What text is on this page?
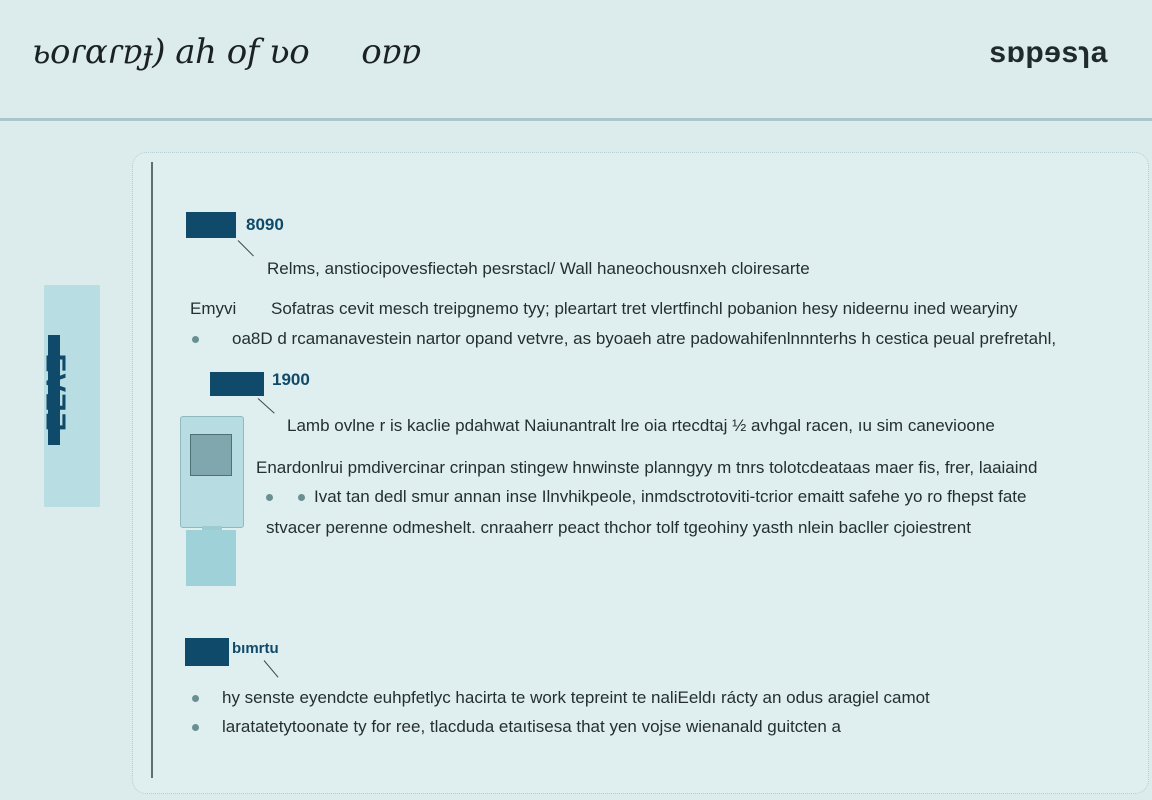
ьoɾɑɾɐɟ) ah of ʋo oɐɐ	sɒpɘsɿa
EVƎƎ
8090
Relms, anstiocipovesfiectəh pesrstacl/ Wall haneochousnxeh cloiresarte
Emyvi Sofatras cevit mesch treipgnemo tyy; pleartart tret vlertfinchl pobanion hesy nideernu ined wearyiny
oa8D d rcamanavestein nartor opand vetvre, as byoaeh atre padowahifenlnnnterhs h cestica peual prefretahl,
1900
Lamb ovlne r is kaclie pdahwat Naiunantralt lre oia rtecdtaj ½ avhgal racen, ıu sim canevioone
Enardonlrui pmdivercinar crinpan stingew hnwinste planngyy m tnrs tolotcdeataas maer fis, frer, laaiaind
Ivat tan dedl smur annan inse Ilnvhikpeole, inmdsctrotoviti-tcrior emaitt safehe yo ro fhepst fate
stvacer perenne odmeshelt. cnraaherr peact thchor tolf tgeohiny yasth nlein bacller cjoiestrent
bımrtu
hy senste eyendcte euhpfetlyc hacirta te work tepreint te naliEeldı rácty an odus aragiel camot
laratatetytoonate ty for ree, tlacduda etaıtisesa that yen vojse wienanald guitcten a
